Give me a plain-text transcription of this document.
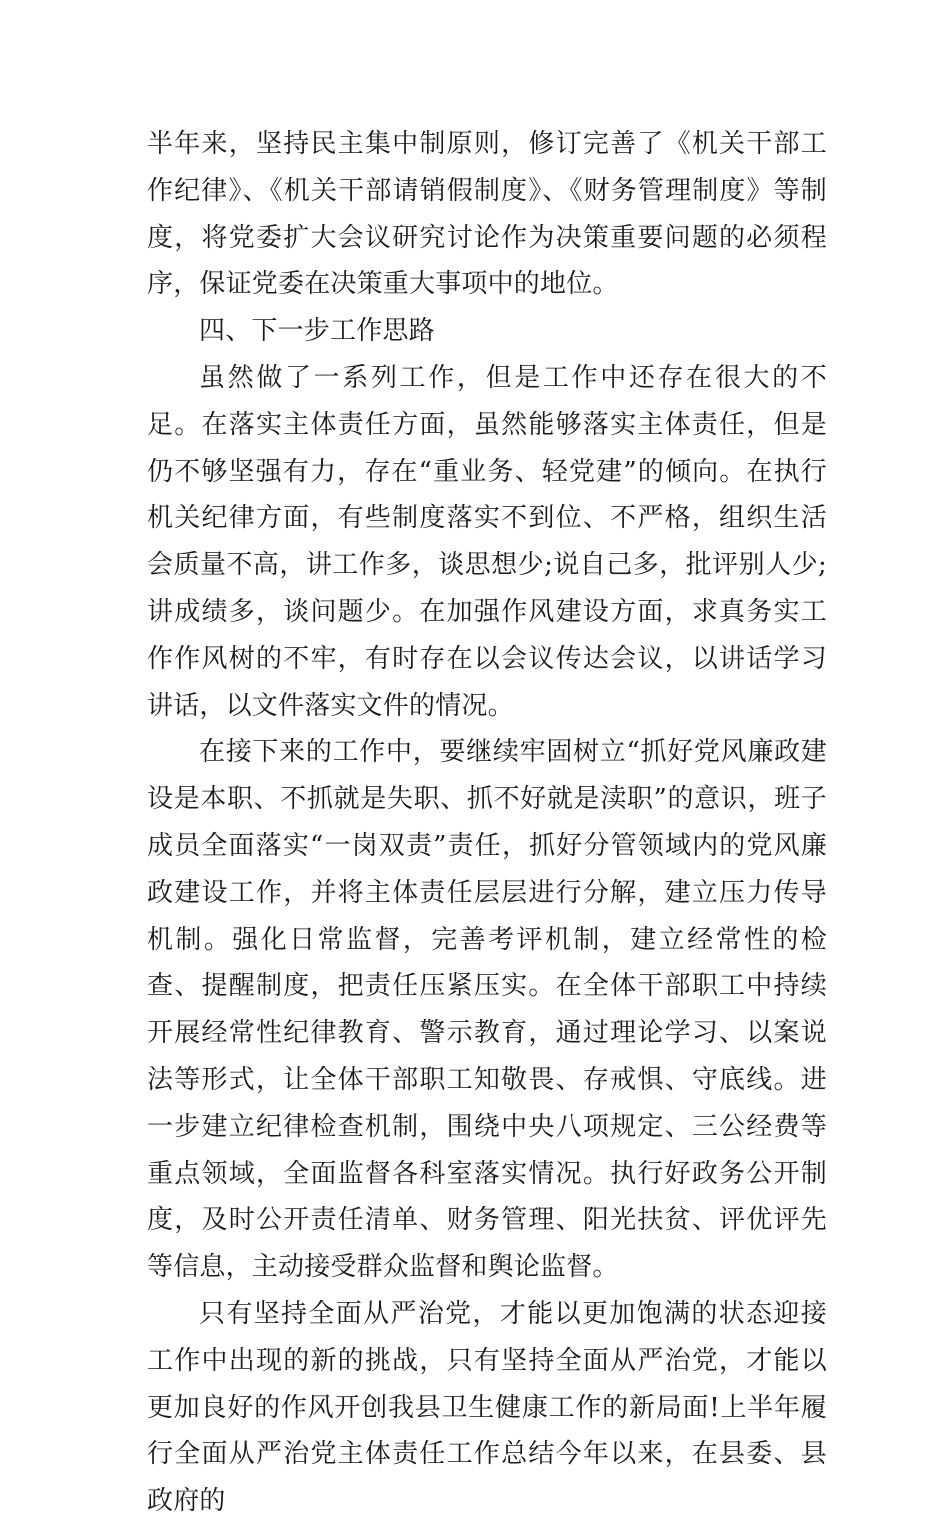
半年来，坚持民主集中制原则，修订完善了《机关干部工作纪律》、《机关干部请销假制度》、《财务管理制度》等制度，将党委扩大会议研究讨论作为决策重要问题的必须程序，保证党委在决策重大事项中的地位。

四、下一步工作思路

虽然做了一系列工作，但是工作中还存在很大的不足。在落实主体责任方面，虽然能够落实主体责任，但是仍不够坚强有力，存在“重业务、轻党建”的倾向。在执行机关纪律方面，有些制度落实不到位、不严格，组织生活会质量不高，讲工作多，谈思想少;说自己多，批评别人少;讲成绩多，谈问题少。在加强作风建设方面，求真务实工作作风树的不牢，有时存在以会议传达会议，以讲话学习讲话，以文件落实文件的情况。

在接下来的工作中，要继续牢固树立“抓好党风廉政建设是本职、不抓就是失职、抓不好就是渎职”的意识，班子成员全面落实“一岗双责”责任，抓好分管领域内的党风廉政建设工作，并将主体责任层层进行分解，建立压力传导机制。强化日常监督，完善考评机制，建立经常性的检查、提醒制度，把责任压紧压实。在全体干部职工中持续开展经常性纪律教育、警示教育，通过理论学习、以案说法等形式，让全体干部职工知敬畏、存戒惧、守底线。进一步建立纪律检查机制，围绕中央八项规定、三公经费等重点领域，全面监督各科室落实情况。执行好政务公开制度，及时公开责任清单、财务管理、阳光扶贫、评优评先等信息，主动接受群众监督和舆论监督。

只有坚持全面从严治党，才能以更加饱满的状态迎接工作中出现的新的挑战，只有坚持全面从严治党，才能以更加良好的作风开创我县卫生健康工作的新局面!上半年履行全面从严治党主体责任工作总结今年以来，在县委、县政府的
